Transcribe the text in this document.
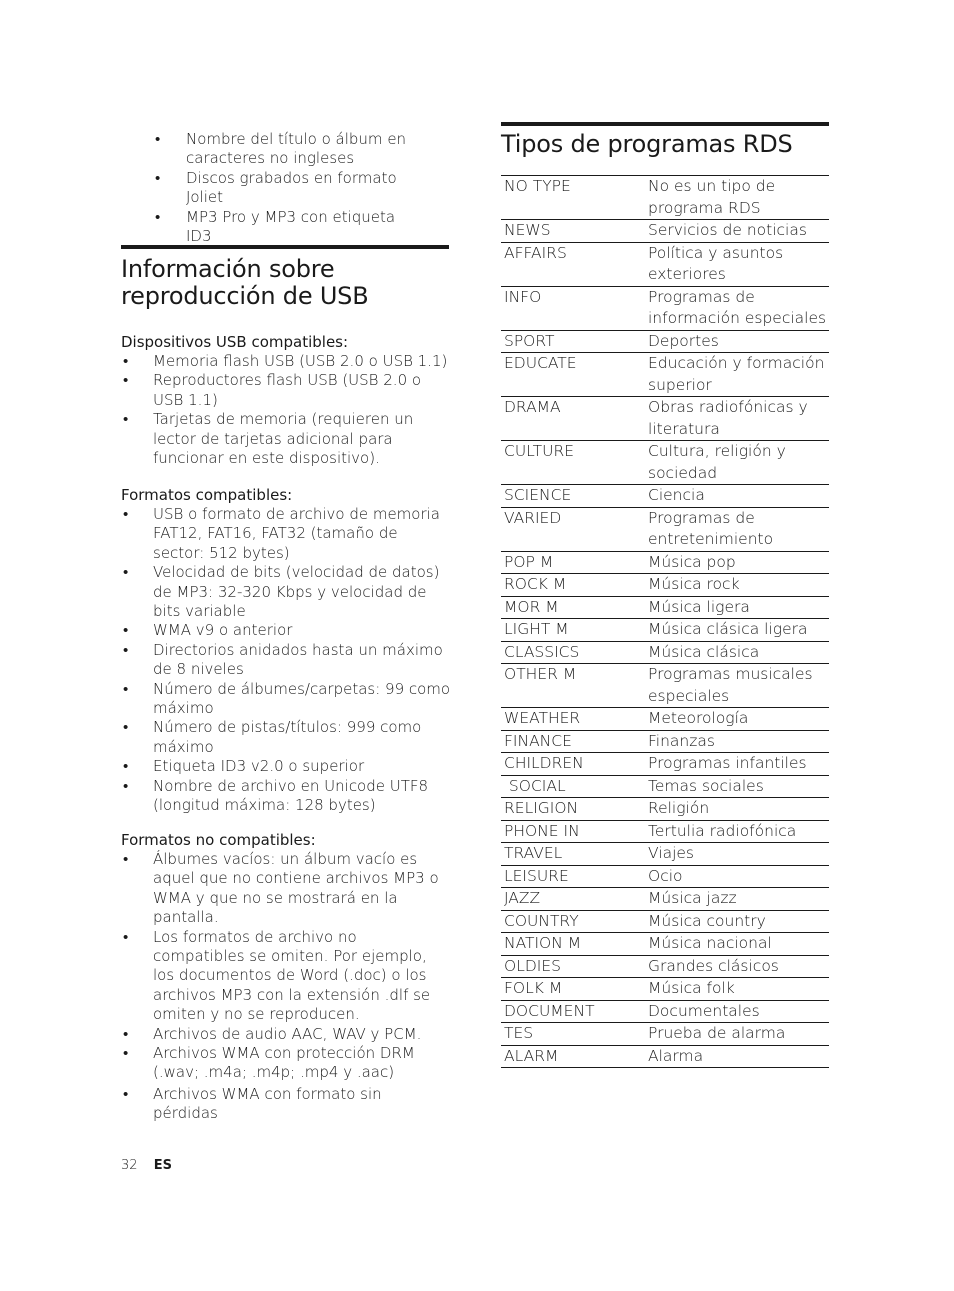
• Nombre del título o álbum en caracteres no ingleses
• Discos grabados en formato Joliet
• MP3 Pro y MP3 con etiqueta ID3
Información sobre
reproducción de USB

Dispositivos USB compatibles:

• Memoria flash USB (USB 2.0 o USB 1.1)
• Reproductores flash USB (USB 2.0 o USB 1.1)
• Tarjetas de memoria (requieren un lector de tarjetas adicional para funcionar en este dispositivo).

Formatos compatibles:

• USB o formato de archivo de memoria FAT12, FAT16, FAT32 (tamaño de sector: 512 bytes)
• Velocidad de bits (velocidad de datos) de MP3: 32-320 Kbps y velocidad de bits variable
• WMA v9 o anterior
• Directorios anidados hasta un máximo de 8 niveles
• Número de álbumes/carpetas: 99 como máximo
• Número de pistas/títulos: 999 como máximo
• Etiqueta ID3 v2.0 o superior
• Nombre de archivo en Unicode UTF8 (longitud máxima: 128 bytes)

Formatos no compatibles:

• Álbumes vacíos: un álbum vacío es aquel que no contiene archivos MP3 o WMA y que no se mostrará en la pantalla.
• Los formatos de archivo no compatibles se omiten. Por ejemplo, los documentos de Word (.doc) o los archivos MP3 con la extensión .dlf se omiten y no se reproducen.
• Archivos de audio AAC, WAV y PCM.
• Archivos WMA con protección DRM (.wav; .m4a; .m4p; .mp4 y .aac)
• Archivos WMA con formato sin pérdidas
Tipos de programas RDS
NO TYPE	No es un tipo de programa RDS
NEWS	Servicios de noticias
AFFAIRS	Política y asuntos exteriores
INFO	Programas de información especiales
SPORT	Deportes
EDUCATE	Educación y formación superior
DRAMA	Obras radiofónicas y literatura
CULTURE	Cultura, religión y sociedad
SCIENCE	Ciencia
VARIED	Programas de entretenimiento
POP M	Música pop
ROCK M	Música rock
MOR M	Música ligera
LIGHT M	Música clásica ligera
CLASSICS	Música clásica
OTHER M	Programas musicales especiales
WEATHER	Meteorología
FINANCE	Finanzas
CHILDREN	Programas infantiles
SOCIAL	Temas sociales
RELIGION	Religión
PHONE IN	Tertulia radiofónica
TRAVEL	Viajes
LEISURE	Ocio
JAZZ	Música jazz
COUNTRY	Música country
NATION M	Música nacional
OLDIES	Grandes clásicos
FOLK M	Música folk
DOCUMENT	Documentales
TES	Prueba de alarma
ALARM	Alarma
32 ES
